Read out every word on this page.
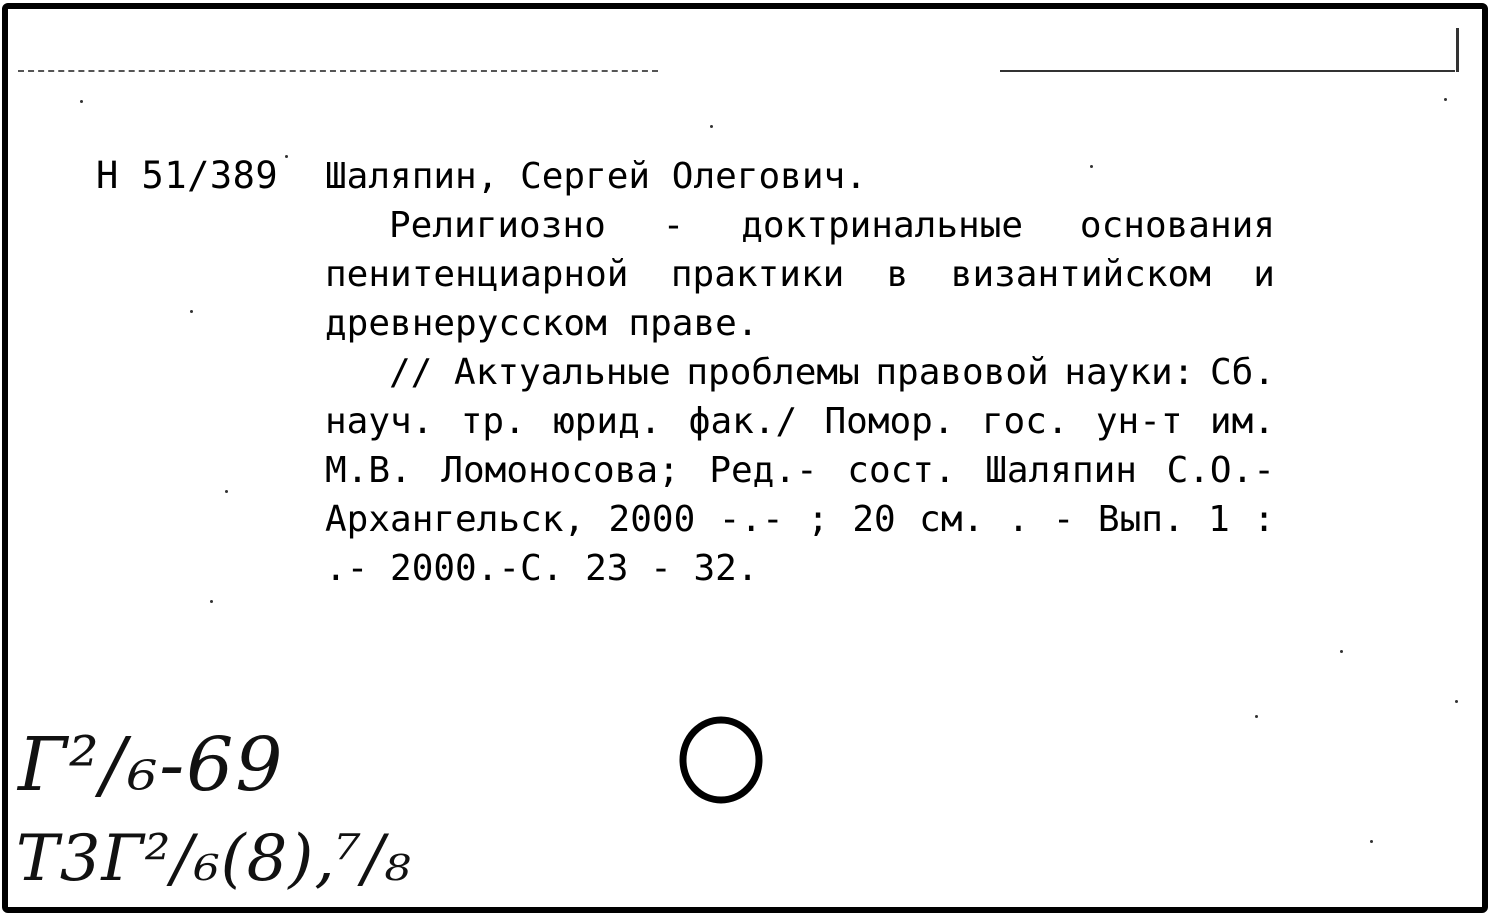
Н 51/389 Шаляпин, Сергей Олегович.
Религиозно - доктринальные основания
пенитенциарной практики в византийском и
древнерусском праве.
// Актуальные проблемы правовой науки: Сб.
науч. тр. юрид. фак./ Помор. гос. ун-т им.
М.В. Ломоносова; Ред.- сост. Шаляпин С.О.-
Архангельск, 2000 -.- ; 20 см. . - Вып. 1 :
.- 2000.-С. 23 - 32.
Г²/₆-69
Т3Г²/₆(8),⁷/₈
